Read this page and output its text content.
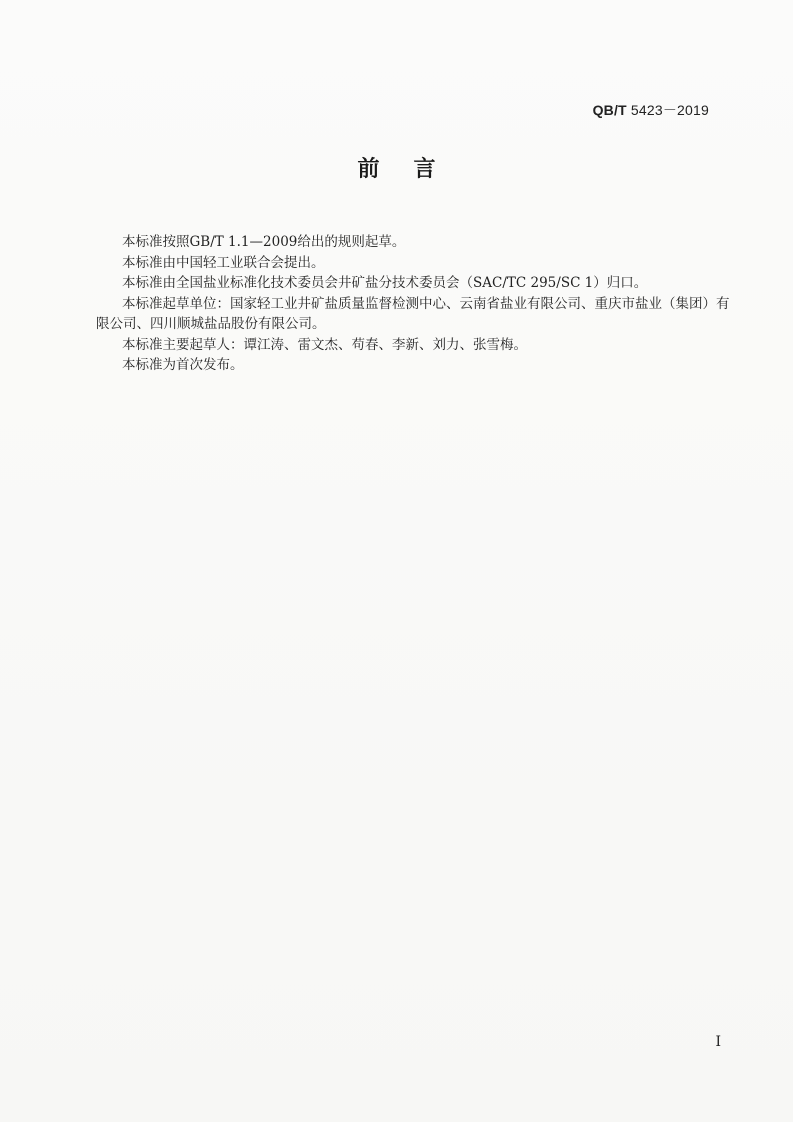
QB/T 5423－2019
前言

本标准按照GB/T 1.1—2009给出的规则起草。

本标准由中国轻工业联合会提出。

本标准由全国盐业标准化技术委员会井矿盐分技术委员会（SAC/TC 295/SC 1）归口。

本标准起草单位：国家轻工业井矿盐质量监督检测中心、云南省盐业有限公司、重庆市盐业（集团）有限公司、四川顺城盐品股份有限公司。

本标准主要起草人：谭江涛、雷文杰、苟春、李新、刘力、张雪梅。

本标准为首次发布。

I
